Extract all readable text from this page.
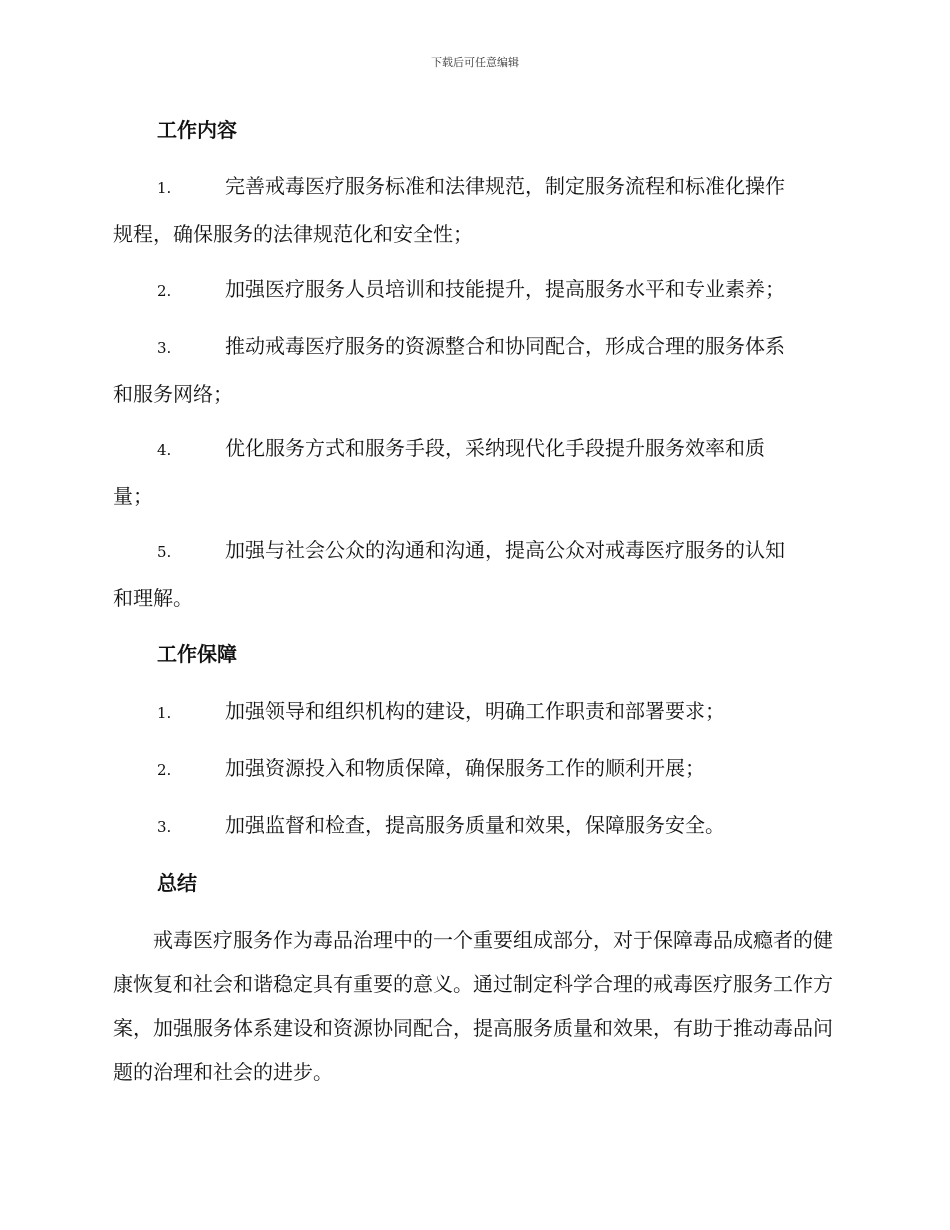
下载后可任意编辑
工作内容
1.	完善戒毒医疗服务标准和法律规范，制定服务流程和标准化操作
规程，确保服务的法律规范化和安全性；
2.	加强医疗服务人员培训和技能提升，提高服务水平和专业素养；
3.	推动戒毒医疗服务的资源整合和协同配合，形成合理的服务体系
和服务网络；
4.	优化服务方式和服务手段，采纳现代化手段提升服务效率和质
量；
5.	加强与社会公众的沟通和沟通，提高公众对戒毒医疗服务的认知
和理解。
工作保障
1.	加强领导和组织机构的建设，明确工作职责和部署要求；
2.	加强资源投入和物质保障，确保服务工作的顺利开展；
3.	加强监督和检查，提高服务质量和效果，保障服务安全。
总结
戒毒医疗服务作为毒品治理中的一个重要组成部分，对于保障毒品成瘾者的健康恢复和社会和谐稳定具有重要的意义。通过制定科学合理的戒毒医疗服务工作方案，加强服务体系建设和资源协同配合，提高服务质量和效果，有助于推动毒品问题的治理和社会的进步。
